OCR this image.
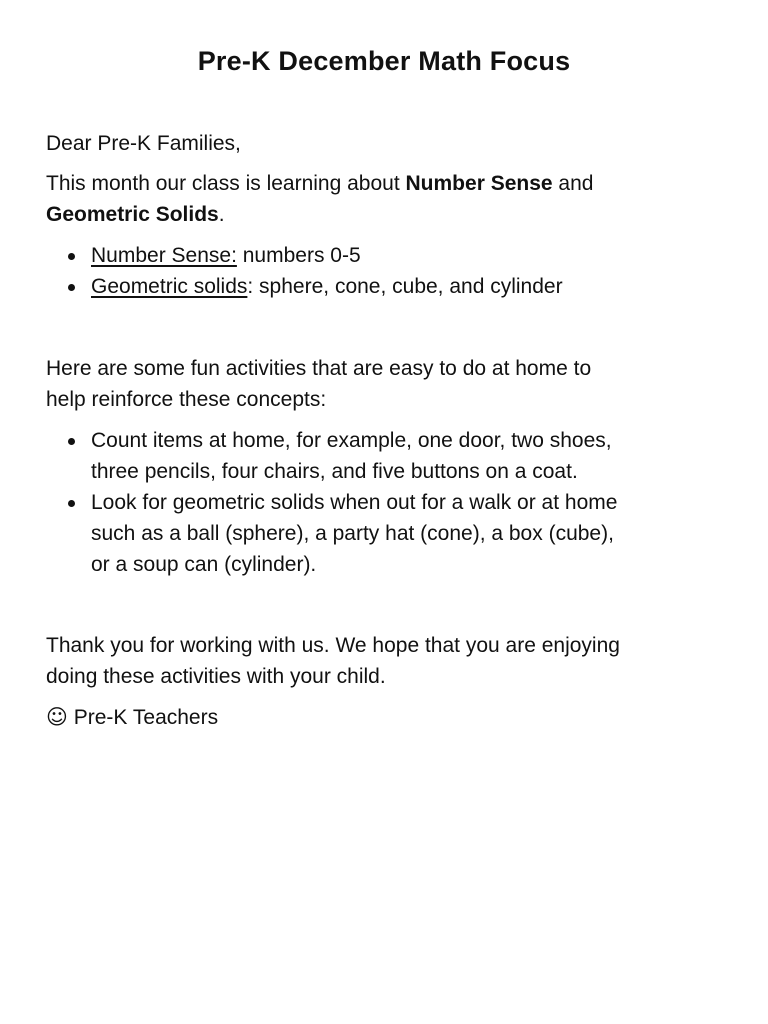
Pre-K December Math Focus

Dear Pre-K Families,

This month our class is learning about Number Sense and
Geometric Solids.

Number Sense: numbers 0-5
Geometric solids: sphere, cone, cube, and cylinder

Here are some fun activities that are easy to do at home to
help reinforce these concepts:

Count items at home, for example, one door, two shoes,
three pencils, four chairs, and five buttons on a coat.
Look for geometric solids when out for a walk or at home
such as a ball (sphere), a party hat (cone), a box (cube),
or a soup can (cylinder).

Thank you for working with us. We hope that you are enjoying
doing these activities with your child.

☺ Pre-K Teachers
